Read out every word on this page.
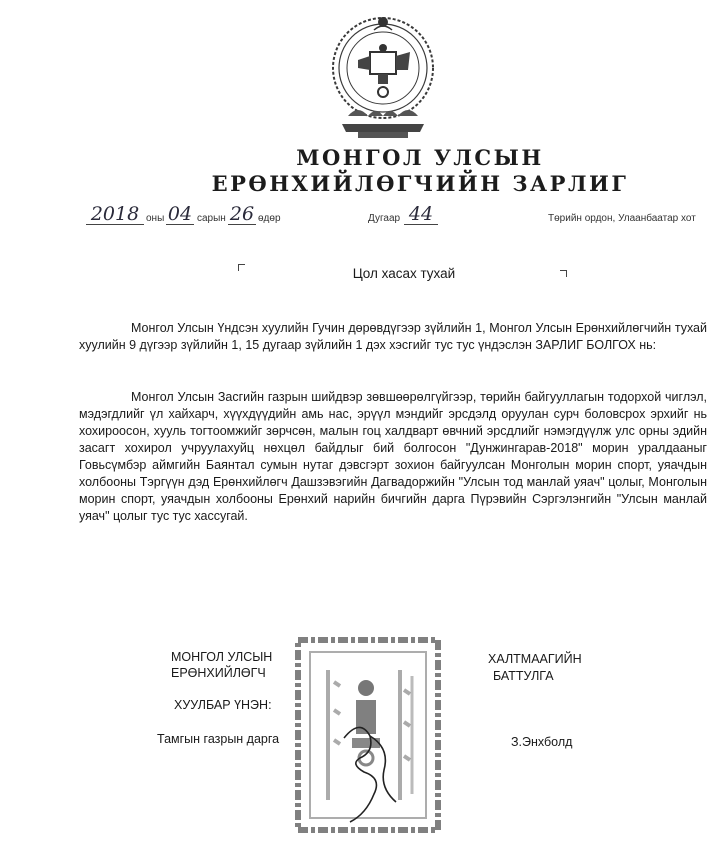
МОНГОЛ УЛСЫН
ЕРӨНХИЙЛӨГЧИЙН ЗАРЛИГ
2018 оны 04 сарын 26 өдөр	Дугаар 44	Төрийн ордон, Улаанбаатар хот
Цол хасах тухай
Монгол Улсын Үндсэн хуулийн Гучин дөрөвдүгээр зүйлийн 1, Монгол Улсын Ерөнхийлөгчийн тухай хуулийн 9 дүгээр зүйлийн 1, 15 дугаар зүйлийн 1 дэх хэсгийг тус тус үндэслэн ЗАРЛИГ БОЛГОХ нь:
Монгол Улсын Засгийн газрын шийдвэр зөвшөөрөлгүйгээр, төрийн байгууллагын тодорхой чиглэл, мэдэгдлийг үл хайхарч, хүүхдүүдийн амь нас, эрүүл мэндийг эрсдэлд оруулан сурч боловсрох эрхийг нь хохироосон, хууль тогтоомжийг зөрчсөн, малын гоц халдварт өвчний эрсдлийг нэмэгдүүлж улс орны эдийн засагт хохирол учруулахуйц нөхцөл байдлыг бий болгосон "Дунжингарав-2018" морин уралдааныг Говьсүмбэр аймгийн Баянтал сумын нутаг дэвсгэрт зохион байгуулсан Монголын морин спорт, уяачдын холбооны Тэргүүн дэд Ерөнхийлөгч Дашзэвэгийн Дагвадоржийн "Улсын тод манлай уяач" цолыг, Монголын морин спорт, уяачдын холбооны Ерөнхий нарийн бичгийн дарга Пүрэвийн Сэргэлэнгийн "Улсын манлай уяач" цолыг тус тус хассугай.
МОНГОЛ УЛСЫН
ЕРӨНХИЙЛӨГЧ
ХАЛТМААГИЙН
БАТТУЛГА
ХУУЛБАР ҮНЭН:
Тамгын газрын дарга	З.Энхболд
